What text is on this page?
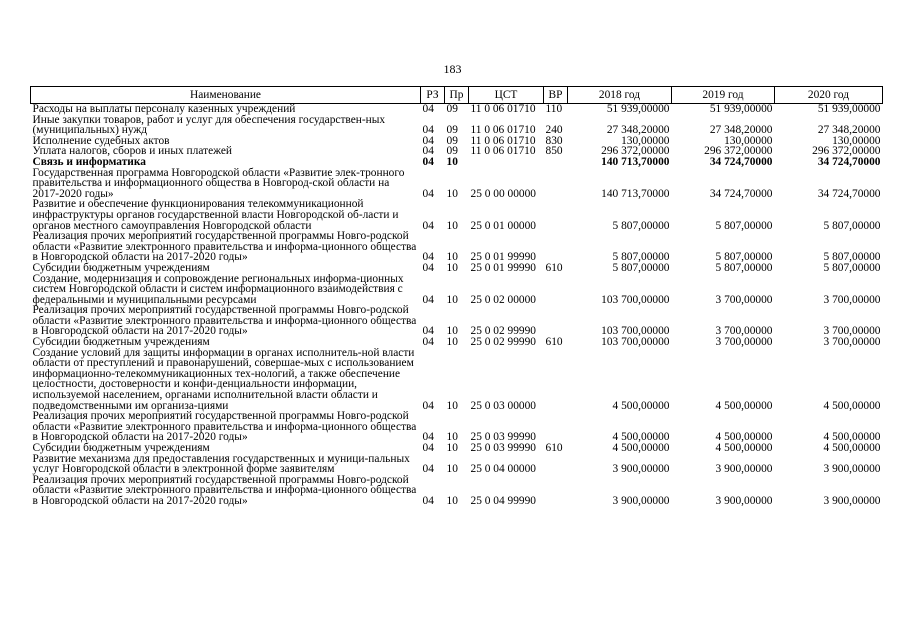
183
Наименование	РЗ	Пр	ЦСТ	ВР	2018 год	2019 год	2020 год
Расходы на выплаты персоналу казенных учреждений	04	09	11 0 06 01710	110	51 939,00000	51 939,00000	51 939,00000
Иные закупки товаров, работ и услуг для обеспечения государствен-ных (муниципальных) нужд	04	09	11 0 06 01710	240	27 348,20000	27 348,20000	27 348,20000
Исполнение судебных актов	04	09	11 0 06 01710	830	130,00000	130,00000	130,00000
Уплата налогов, сборов и иных платежей	04	09	11 0 06 01710	850	296 372,00000	296 372,00000	296 372,00000
Связь и информатика	04	10			140 713,70000	34 724,70000	34 724,70000
Государственная программа Новгородской области «Развитие элек-тронного правительства и информационного общества в Новгород-ской области на 2017-2020 годы»	04	10	25 0 00 00000		140 713,70000	34 724,70000	34 724,70000
Развитие и обеспечение функционирования телекоммуникационной инфраструктуры органов государственной власти Новгородской об-ласти и органов местного самоуправления Новгородской области	04	10	25 0 01 00000		5 807,00000	5 807,00000	5 807,00000
Реализация прочих мероприятий государственной программы Новго-родской области «Развитие электронного правительства и информа-ционного общества в Новгородской области на 2017-2020 годы»	04	10	25 0 01 99990		5 807,00000	5 807,00000	5 807,00000
Субсидии бюджетным учреждениям	04	10	25 0 01 99990	610	5 807,00000	5 807,00000	5 807,00000
Создание, модернизация и сопровождение региональных информа-ционных систем Новгородской области и систем информационного взаимодействия с федеральными и муниципальными ресурсами	04	10	25 0 02 00000		103 700,00000	3 700,00000	3 700,00000
Реализация прочих мероприятий государственной программы Новго-родской области «Развитие электронного правительства и информа-ционного общества в Новгородской области на 2017-2020 годы»	04	10	25 0 02 99990		103 700,00000	3 700,00000	3 700,00000
Субсидии бюджетным учреждениям	04	10	25 0 02 99990	610	103 700,00000	3 700,00000	3 700,00000
Создание условий для защиты информации в органах исполнитель-ной власти области от преступлений и правонарушений, совершае-мых с использованием информационно-телекоммуникационных тех-нологий, а также обеспечение целостности, достоверности и конфи-денциальности информации, используемой населением, органами исполнительной власти области и подведомственными им организа-циями	04	10	25 0 03 00000		4 500,00000	4 500,00000	4 500,00000
Реализация прочих мероприятий государственной программы Новго-родской области «Развитие электронного правительства и информа-ционного общества в Новгородской области на 2017-2020 годы»	04	10	25 0 03 99990		4 500,00000	4 500,00000	4 500,00000
Субсидии бюджетным учреждениям	04	10	25 0 03 99990	610	4 500,00000	4 500,00000	4 500,00000
Развитие механизма для предоставления государственных и муници-пальных услуг Новгородской области в электронной форме заявителям	04	10	25 0 04 00000		3 900,00000	3 900,00000	3 900,00000
Реализация прочих мероприятий государственной программы Новго-родской области «Развитие электронного правительства и информа-ционного общества в Новгородской области на 2017-2020 годы»	04	10	25 0 04 99990		3 900,00000	3 900,00000	3 900,00000
